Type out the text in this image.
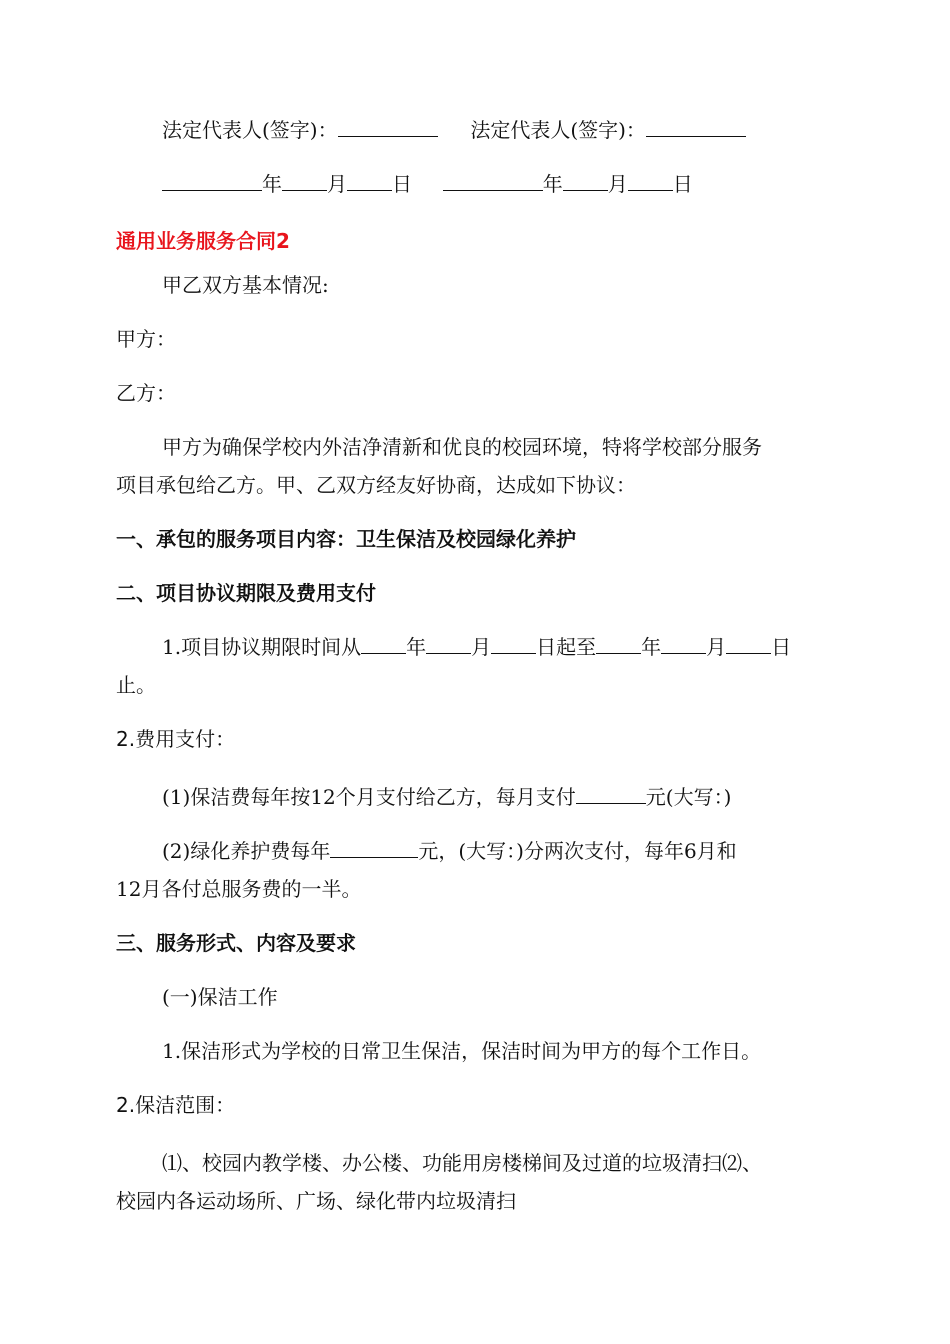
法定代表人(签字)：	法定代表人(签字)：
年 月 日	年 月 日
通用业务服务合同2
甲乙双方基本情况:
甲方：
乙方：
甲方为确保学校内外洁净清新和优良的校园环境，特将学校部分服务
项目承包给乙方。甲、乙双方经友好协商，达成如下协议：
一、承包的服务项目内容：卫生保洁及校园绿化养护
二、项目协议期限及费用支付
1.项目协议期限时间从 年 月 日起至 年 月 日
止。
2.费用支付：
(1)保洁费每年按12个月支付给乙方，每月支付	元(大写：)
(2)绿化养护费每年	元，(大写：)分两次支付，每年6月和
12月各付总服务费的一半。
三、服务形式、内容及要求
(一)保洁工作
1.保洁形式为学校的日常卫生保洁，保洁时间为甲方的每个工作日。
2.保洁范围：
⑴、校园内教学楼、办公楼、功能用房楼梯间及过道的垃圾清扫⑵、
校园内各运动场所、广场、绿化带内垃圾清扫
